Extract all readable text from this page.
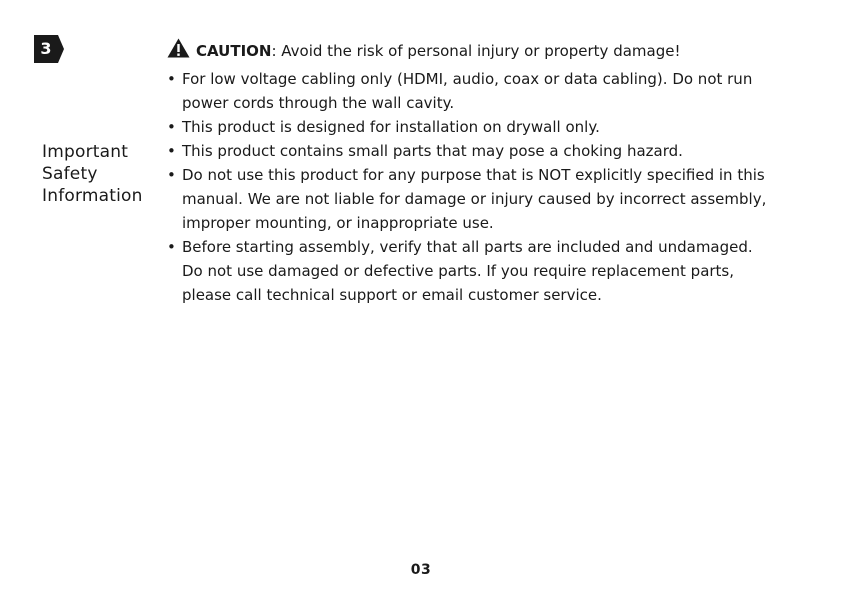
3
Important
Safety
Information
CAUTION: Avoid the risk of personal injury or property damage!
• For low voltage cabling only (HDMI, audio, coax or data cabling). Do not run
power cords through the wall cavity.
• This product is designed for installation on drywall only.
• This product contains small parts that may pose a choking hazard.
• Do not use this product for any purpose that is NOT explicitly specified in this
manual. We are not liable for damage or injury caused by incorrect assembly,
improper mounting, or inappropriate use.
• Before starting assembly, verify that all parts are included and undamaged.
Do not use damaged or defective parts. If you require replacement parts,
please call technical support or email customer service.
03
